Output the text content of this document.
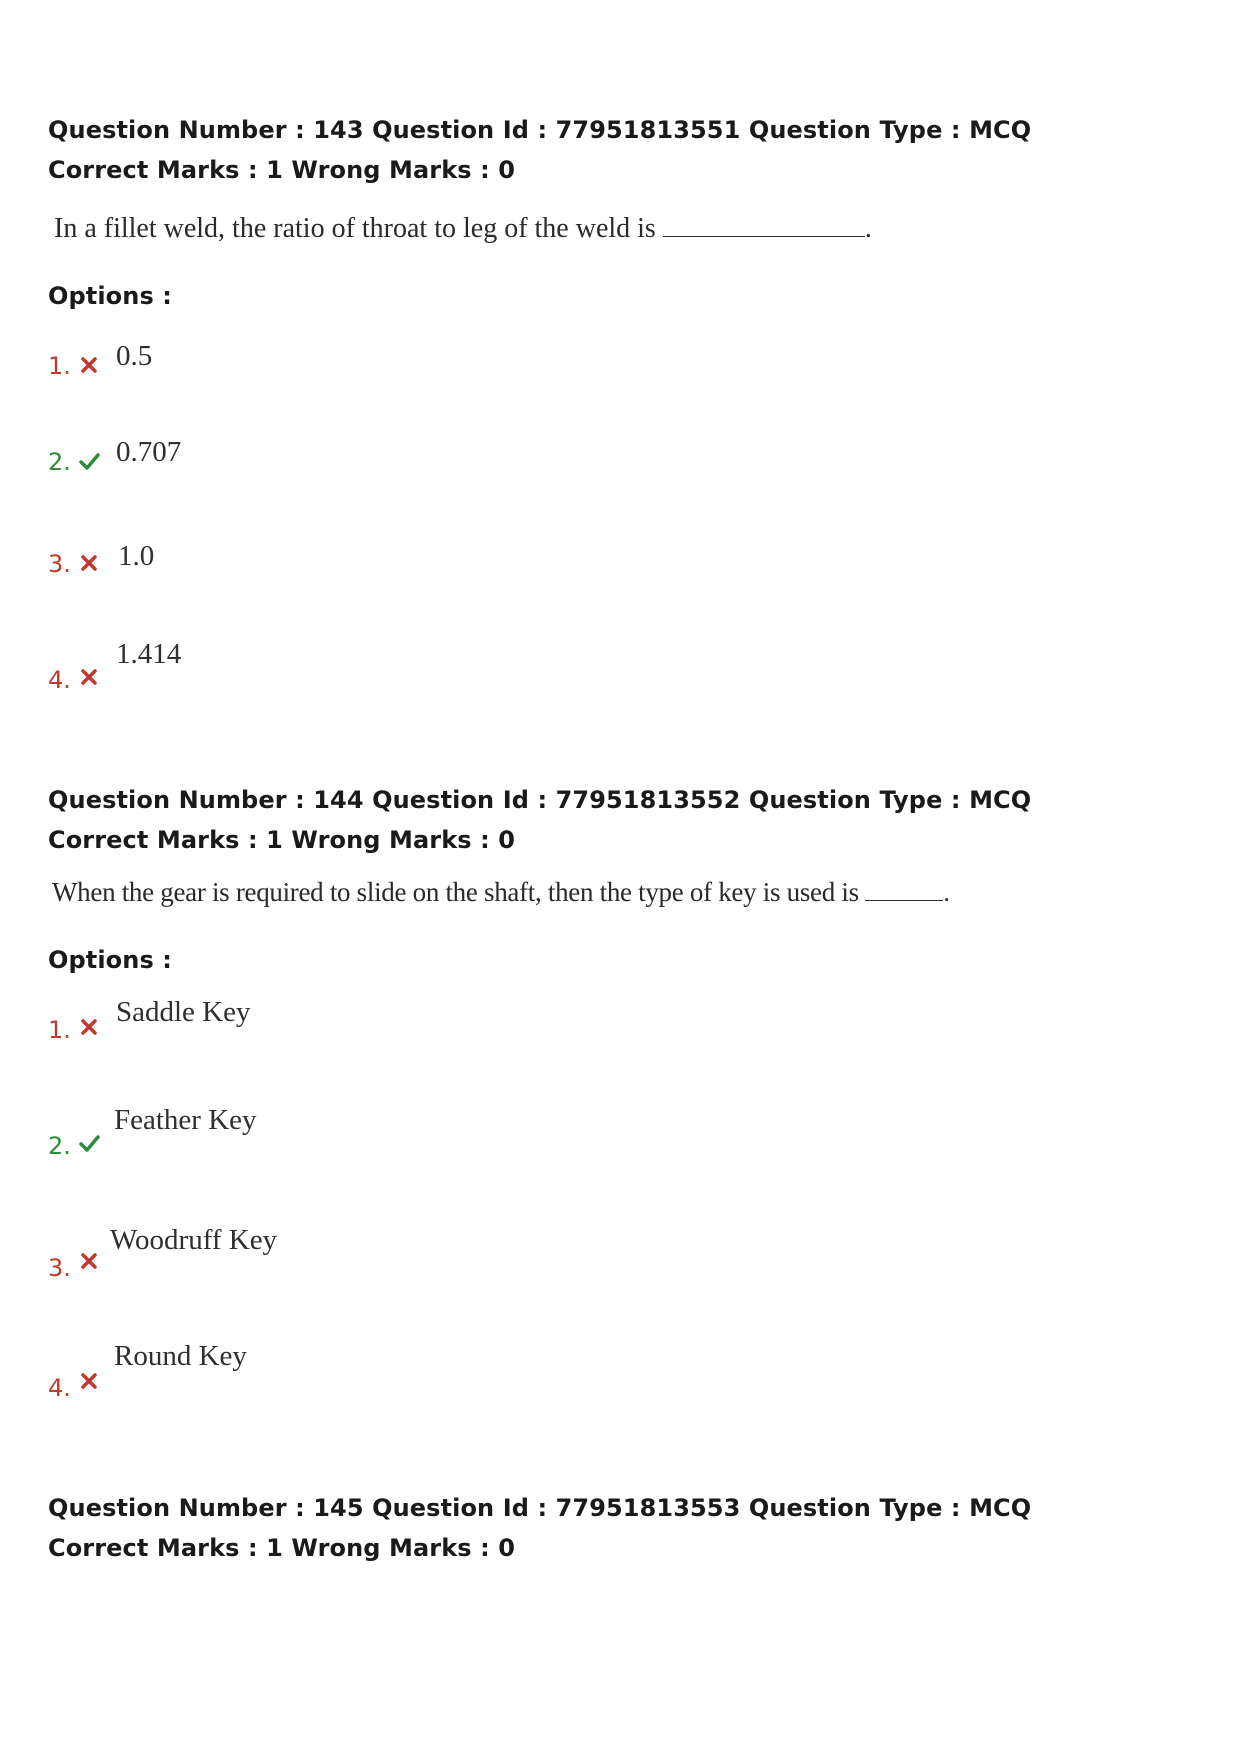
Question Number : 143 Question Id : 77951813551 Question Type : MCQ
Correct Marks : 1 Wrong Marks : 0
In a fillet weld, the ratio of throat to leg of the weld is	.
Options :
1. 0.5
2. 0.707
3. 1.0
4.
1.414
Question Number : 144 Question Id : 77951813552 Question Type : MCQ
Correct Marks : 1 Wrong Marks : 0
When the gear is required to slide on the shaft, then the type of key is used is	.
Options :
1.
Saddle Key
2.
Feather Key
3.
Woodruff Key
4.
Round Key
Question Number : 145 Question Id : 77951813553 Question Type : MCQ
Correct Marks : 1 Wrong Marks : 0
